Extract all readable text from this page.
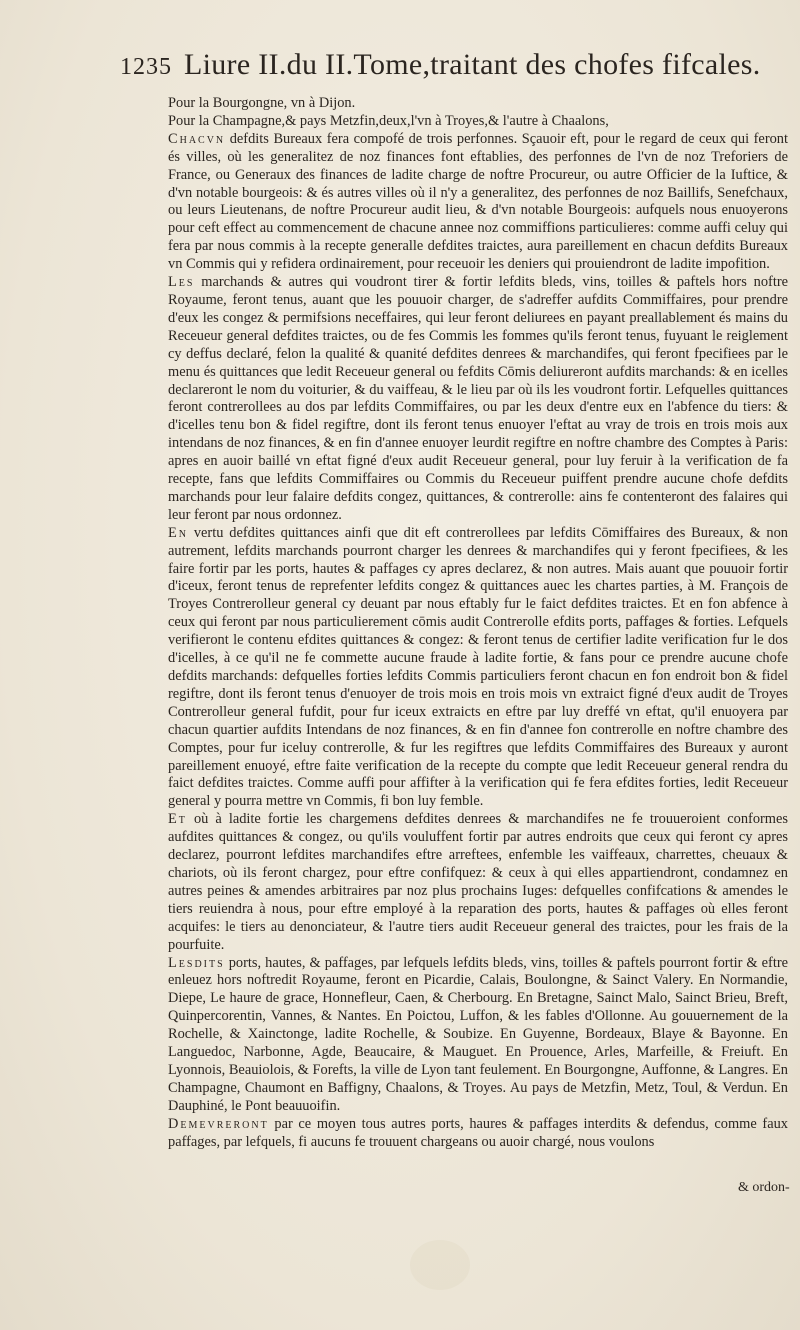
1235 Liure II.du II.Tome,traitant des chofes fifcales.

Pour la Bourgongne, vn à Dijon.

Pour la Champagne,& pays Metzfin,deux,l'vn à Troyes,& l'autre à Chaalons,

Chacvn defdits Bureaux fera compofé de trois perfonnes. Sçauoir eft, pour le regard de ceux qui feront és villes, où les generalitez de noz finances font eftablies, des perfonnes de l'vn de noz Treforiers de France, ou Generaux des finances de ladite charge de noftre Procureur, ou autre Officier de la Iuftice, & d'vn notable bourgeois: & és autres villes où il n'y a generalitez, des perfonnes de noz Baillifs, Senefchaux, ou leurs Lieutenans, de noftre Procureur audit lieu, & d'vn notable Bourgeois: aufquels nous enuoyerons pour ceft effect au commencement de chacune annee noz commiffions particulieres: comme auffi celuy qui fera par nous commis à la recepte generalle defdites traictes, aura pareillement en chacun defdits Bureaux vn Commis qui y refidera ordinairement, pour receuoir les deniers qui prouiendront de ladite impofition.

Les marchands & autres qui voudront tirer & fortir lefdits bleds, vins, toilles & paftels hors noftre Royaume, feront tenus, auant que les pouuoir charger, de s'adreffer aufdits Commiffaires, pour prendre d'eux les congez & permifsions neceffaires, qui leur feront deliurees en payant preallablement és mains du Receueur general defdites traictes, ou de fes Commis les fommes qu'ils feront tenus, fuyuant le reiglement cy deffus declaré, felon la qualité & quanité defdites denrees & marchandifes, qui feront fpecifiees par le menu és quittances que ledit Receueur general ou fefdits Cōmis deliureront aufdits marchands: & en icelles declareront le nom du voiturier, & du vaiffeau, & le lieu par où ils les voudront fortir. Lefquelles quittances feront contrerollees au dos par lefdits Commiffaires, ou par les deux d'entre eux en l'abfence du tiers: & d'icelles tenu bon & fidel regiftre, dont ils feront tenus enuoyer l'eftat au vray de trois en trois mois aux intendans de noz finances, & en fin d'annee enuoyer leurdit regiftre en noftre chambre des Comptes à Paris: apres en auoir baillé vn eftat figné d'eux audit Receueur general, pour luy feruir à la verification de fa recepte, fans que lefdits Commiffaires ou Commis du Receueur puiffent prendre aucune chofe defdits marchands pour leur falaire defdits congez, quittances, & contrerolle: ains fe contenteront des falaires qui leur feront par nous ordonnez.

En vertu defdites quittances ainfi que dit eft contrerollees par lefdits Cōmiffaires des Bureaux, & non autrement, lefdits marchands pourront charger les denrees & marchandifes qui y feront fpecifiees, & les faire fortir par les ports, hautes & paffages cy apres declarez, & non autres. Mais auant que pouuoir fortir d'iceux, feront tenus de reprefenter lefdits congez & quittances auec les chartes parties, à M. François de Troyes Contrerolleur general cy deuant par nous eftably fur le faict defdites traictes. Et en fon abfence à ceux qui feront par nous particulierement cōmis audit Contrerolle efdits ports, paffages & forties. Lefquels verifieront le contenu efdites quittances & congez: & feront tenus de certifier ladite verification fur le dos d'icelles, à ce qu'il ne fe commette aucune fraude à ladite fortie, & fans pour ce prendre aucune chofe defdits marchands: defquelles forties lefdits Commis particuliers feront chacun en fon endroit bon & fidel regiftre, dont ils feront tenus d'enuoyer de trois mois en trois mois vn extraict figné d'eux audit de Troyes Contrerolleur general fufdit, pour fur iceux extraicts en eftre par luy dreffé vn eftat, qu'il enuoyera par chacun quartier aufdits Intendans de noz finances, & en fin d'annee fon contrerolle en noftre chambre des Comptes, pour fur iceluy contrerolle, & fur les regiftres que lefdits Commiffaires des Bureaux y auront pareillement enuoyé, eftre faite verification de la recepte du compte que ledit Receueur general rendra du faict defdites traictes. Comme auffi pour affifter à la verification qui fe fera efdites forties, ledit Receueur general y pourra mettre vn Commis, fi bon luy femble.

Et où à ladite fortie les chargemens defdites denrees & marchandifes ne fe trouueroient conformes aufdites quittances & congez, ou qu'ils vouluffent fortir par autres endroits que ceux qui feront cy apres declarez, pourront lefdites marchandifes eftre arreftees, enfemble les vaiffeaux, charrettes, cheuaux & chariots, où ils feront chargez, pour eftre confifquez: & ceux à qui elles appartiendront, condamnez en autres peines & amendes arbitraires par noz plus prochains Iuges: defquelles confifcations & amendes le tiers reuiendra à nous, pour eftre employé à la reparation des ports, hautes & paffages où elles feront acquifes: le tiers au denonciateur, & l'autre tiers audit Receueur general des traictes, pour les frais de la pourfuite.

Lesdits ports, hautes, & paffages, par lefquels lefdits bleds, vins, toilles & paftels pourront fortir & eftre enleuez hors noftredit Royaume, feront en Picardie, Calais, Boulongne, & Sainct Valery. En Normandie, Diepe, Le haure de grace, Honnefleur, Caen, & Cherbourg. En Bretagne, Sainct Malo, Sainct Brieu, Breft, Quinpercorentin, Vannes, & Nantes. En Poictou, Luffon, & les fables d'Ollonne. Au gouuernement de la Rochelle, & Xainctonge, ladite Rochelle, & Soubize. En Guyenne, Bordeaux, Blaye & Bayonne. En Languedoc, Narbonne, Agde, Beaucaire, & Mauguet. En Prouence, Arles, Marfeille, & Freiuft. En Lyonnois, Beauiolois, & Forefts, la ville de Lyon tant feulement. En Bourgongne, Auffonne, & Langres. En Champagne, Chaumont en Baffigny, Chaalons, & Troyes. Au pays de Metzfin, Metz, Toul, & Verdun. En Dauphiné, le Pont beauuoifin.

Demevreront par ce moyen tous autres ports, haures & paffages interdits & defendus, comme faux paffages, par lefquels, fi aucuns fe trouuent chargeans ou auoir chargé, nous voulons

& ordon-
